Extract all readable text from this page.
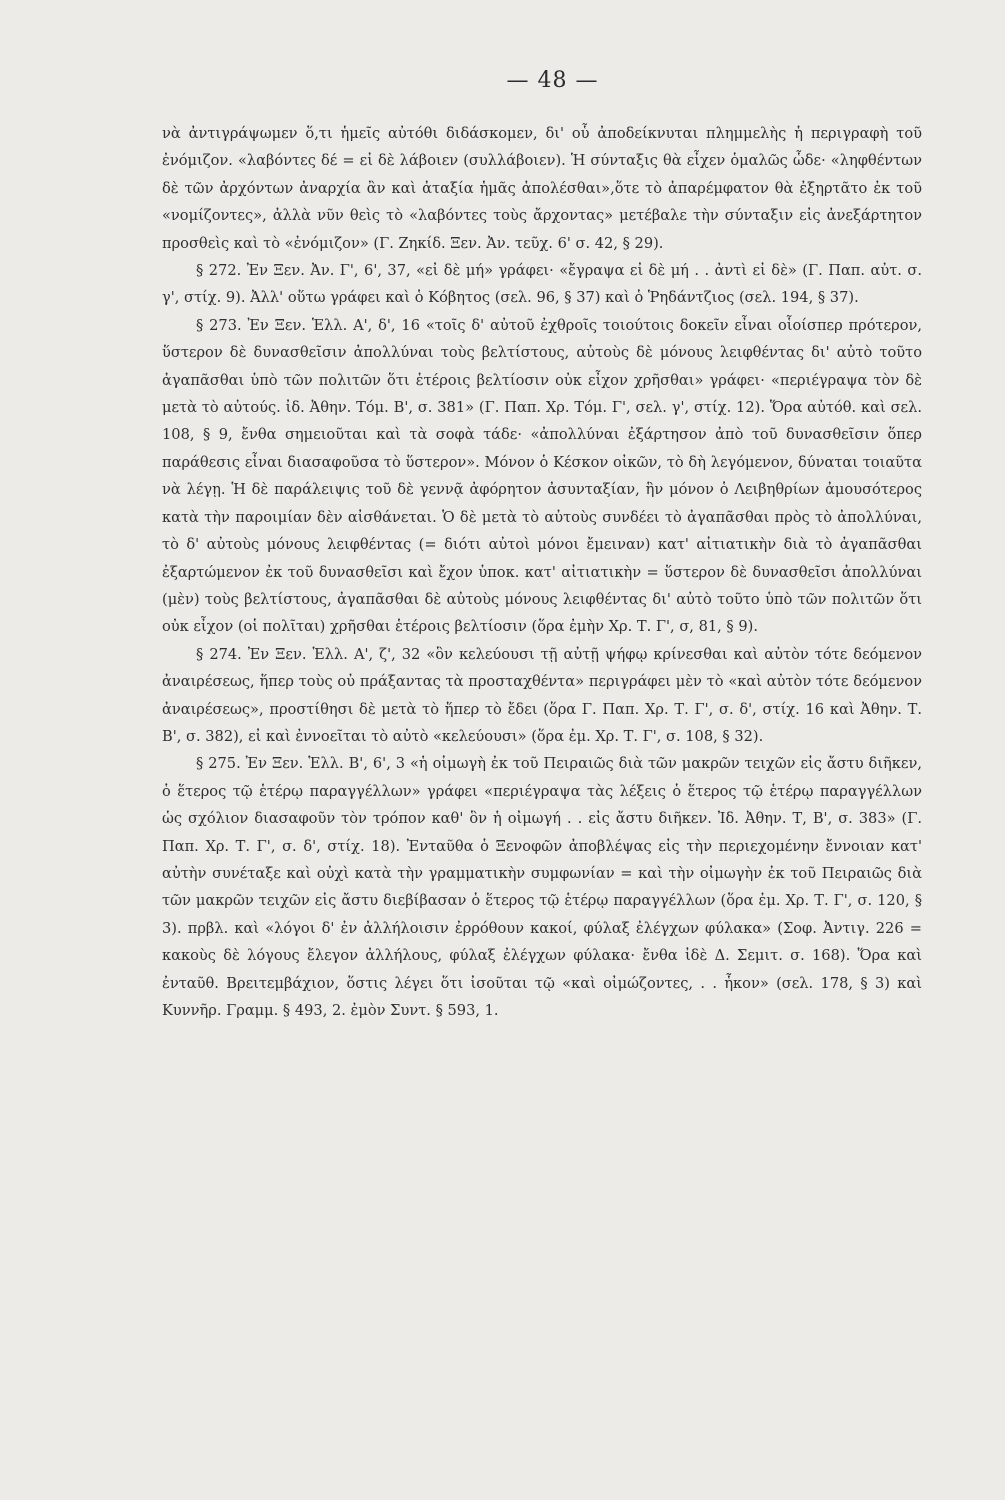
— 48 —

νὰ ἀντιγράψωμεν ὅ,τι ἡμεῖς αὐτόθι διδάσκομεν, δι' οὗ ἀποδείκνυται πλημμελὴς ἡ περιγραφὴ τοῦ ἐνόμιζον. «λαβόντες δέ = εἰ δὲ λάβοιεν (συλλάβοιεν). Ἡ σύνταξις θὰ εἶχεν ὁμαλῶς ὧδε· «ληφθέντων δὲ τῶν ἀρχόντων ἀναρχία ἂν καὶ ἀταξία ἡμᾶς ἀπολέσθαι»,ὅτε τὸ ἀπαρέμφατον θὰ ἐξηρτᾶτο ἐκ τοῦ «νομίζοντες», ἀλλὰ νῦν θεὶς τὸ «λαβόντες τοὺς ἄρχοντας» μετέβαλε τὴν σύνταξιν εἰς ἀνεξάρτητον προσθεὶς καὶ τὸ «ἐνόμιζον» (Γ. Ζηκίδ. Ξεν. Ἀν. τεῦχ. 6' σ. 42, § 29).

§ 272. Ἐν Ξεν. Ἀν. Γ', 6', 37, «εἰ δὲ μή» γράφει· «ἔγραψα εἰ δὲ μή . . ἀντὶ εἰ δὲ» (Γ. Παπ. αὐτ. σ. γ', στίχ. 9). Ἀλλ' οὕτω γράφει καὶ ὁ Κόβητος (σελ. 96, § 37) καὶ ὁ Ῥηδάντζιος (σελ. 194, § 37).

§ 273. Ἐν Ξεν. Ἑλλ. Α', δ', 16 «τοῖς δ' αὐτοῦ ἐχθροῖς τοιούτοις δοκεῖν εἶναι οἷοίσπερ πρότερον, ὕστερον δὲ δυνασθεῖσιν ἀπολλύναι τοὺς βελτίστους, αὐτοὺς δὲ μόνους λειφθέντας δι' αὐτὸ τοῦτο ἀγαπᾶσθαι ὑπὸ τῶν πολιτῶν ὅτι ἑτέροις βελτίοσιν οὐκ εἶχον χρῆσθαι» γράφει· «περιέγραψα τὸν δὲ μετὰ τὸ αὐτούς. ἰδ. Ἀθην. Τόμ. Β', σ. 381» (Γ. Παπ. Χρ. Τόμ. Γ', σελ. γ', στίχ. 12). Ὅρα αὐτόθ. καὶ σελ. 108, § 9, ἔνθα σημειοῦται καὶ τὰ σοφὰ τάδε· «ἀπολλύναι ἐξάρτησον ἀπὸ τοῦ δυνασθεῖσιν ὅπερ παράθεσις εἶναι διασαφοῦσα τὸ ὕστερον». Μόνον ὁ Κέσκον οἰκῶν, τὸ δὴ λεγόμενον, δύναται τοιαῦτα νὰ λέγῃ. Ἡ δὲ παράλειψις τοῦ δὲ γεννᾷ ἀφόρητον ἀσυνταξίαν, ἣν μόνον ὁ Λειβηθρίων ἀμουσότερος κατὰ τὴν παροιμίαν δὲν αἰσθάνεται. Ὁ δὲ μετὰ τὸ αὐτοὺς συνδέει τὸ ἀγαπᾶσθαι πρὸς τὸ ἀπολλύναι, τὸ δ' αὐτοὺς μόνους λειφθέντας (= διότι αὐτοὶ μόνοι ἔμειναν) κατ' αἰτιατικὴν διὰ τὸ ἀγαπᾶσθαι ἐξαρτώμενον ἐκ τοῦ δυνασθεῖσι καὶ ἔχον ὑποκ. κατ' αἰτιατικὴν = ὕστερον δὲ δυνασθεῖσι ἀπολλύναι (μὲν) τοὺς βελτίστους, ἀγαπᾶσθαι δὲ αὐτοὺς μόνους λειφθέντας δι' αὐτὸ τοῦτο ὑπὸ τῶν πολιτῶν ὅτι οὐκ εἶχον (οἱ πολῖται) χρῆσθαι ἑτέροις βελτίοσιν (ὅρα ἐμὴν Χρ. Τ. Γ', σ, 81, § 9).

§ 274. Ἐν Ξεν. Ἑλλ. Α', ζ', 32 «ὃν κελεύουσι τῇ αὐτῇ ψήφῳ κρίνεσθαι καὶ αὐτὸν τότε δεόμενον ἀναιρέσεως, ἥπερ τοὺς οὐ πράξαντας τὰ προσταχθέντα» περιγράφει μὲν τὸ «καὶ αὐτὸν τότε δεόμενον ἀναιρέσεως», προστίθησι δὲ μετὰ τὸ ἥπερ τὸ ἔδει (ὅρα Γ. Παπ. Χρ. Τ. Γ', σ. δ', στίχ. 16 καὶ Ἀθην. Τ. Β', σ. 382), εἰ καὶ ἐννοεῖται τὸ αὐτὸ «κελεύουσι» (ὅρα ἐμ. Χρ. Τ. Γ', σ. 108, § 32).

§ 275. Ἐν Ξεν. Ἑλλ. Β', 6', 3 «ἡ οἰμωγὴ ἐκ τοῦ Πειραιῶς διὰ τῶν μακρῶν τειχῶν εἰς ἄστυ διῆκεν, ὁ ἕτερος τῷ ἑτέρῳ παραγγέλλων» γράφει «περιέγραψα τὰς λέξεις ὁ ἕτερος τῷ ἑτέρῳ παραγγέλλων ὡς σχόλιον διασαφοῦν τὸν τρόπον καθ' ὃν ἡ οἰμωγή . . εἰς ἄστυ διῆκεν. Ἰδ. Ἀθην. Τ, Β', σ. 383» (Γ. Παπ. Χρ. Τ. Γ', σ. δ', στίχ. 18). Ἐνταῦθα ὁ Ξενοφῶν ἀποβλέψας εἰς τὴν περιεχομένην ἔννοιαν κατ' αὐτὴν συνέταξε καὶ οὐχὶ κατὰ τὴν γραμματικὴν συμφωνίαν = καὶ τὴν οἰμωγὴν ἐκ τοῦ Πειραιῶς διὰ τῶν μακρῶν τειχῶν εἰς ἄστυ διεβίβασαν ὁ ἕτερος τῷ ἑτέρῳ παραγγέλλων (ὅρα ἐμ. Χρ. Τ. Γ', σ. 120, § 3). πρβλ. καὶ «λόγοι δ' ἐν ἀλλήλοισιν ἐρρόθουν κακοί, φύλαξ ἐλέγχων φύλακα» (Σοφ. Ἀντιγ. 226 = κακοὺς δὲ λόγους ἔλεγον ἀλλήλους, φύλαξ ἐλέγχων φύλακα· ἔνθα ἰδὲ Δ. Σεμιτ. σ. 168). Ὅρα καὶ ἐνταῦθ. Βρειτεμβάχιον, ὅστις λέγει ὅτι ἰσοῦται τῷ «καὶ οἰμώζοντες, . . ἧκον» (σελ. 178, § 3) καὶ Κυννῆρ. Γραμμ. § 493, 2. ἐμὸν Συντ. § 593, 1.
